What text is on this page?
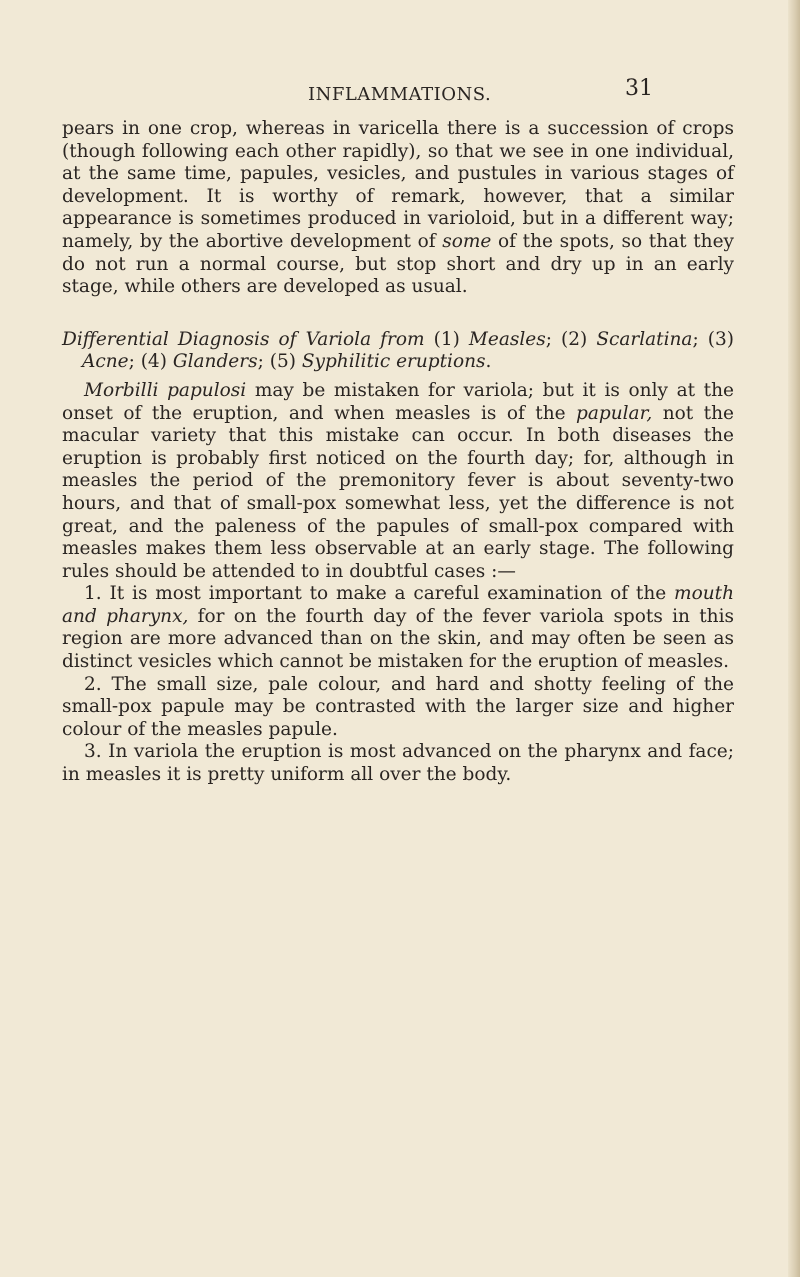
INFLAMMATIONS.	31

pears in one crop, whereas in varicella there is a succession of crops (though following each other rapidly), so that we see in one individual, at the same time, papules, vesicles, and pustules in various stages of development. It is worthy of remark, however, that a similar appearance is sometimes produced in varioloid, but in a different way; namely, by the abortive development of some of the spots, so that they do not run a normal course, but stop short and dry up in an early stage, while others are developed as usual.

Differential Diagnosis of Variola from (1) Measles; (2) Scarlatina; (3) Acne; (4) Glanders; (5) Syphilitic eruptions.

Morbilli papulosi may be mistaken for variola; but it is only at the onset of the eruption, and when measles is of the papular, not the macular variety that this mistake can occur. In both diseases the eruption is probably first noticed on the fourth day; for, although in measles the period of the premonitory fever is about seventy-two hours, and that of small-pox somewhat less, yet the difference is not great, and the paleness of the papules of small-pox compared with measles makes them less observable at an early stage. The following rules should be attended to in doubtful cases :—

1. It is most important to make a careful examination of the mouth and pharynx, for on the fourth day of the fever variola spots in this region are more advanced than on the skin, and may often be seen as distinct vesicles which cannot be mistaken for the eruption of measles.

2. The small size, pale colour, and hard and shotty feeling of the small-pox papule may be contrasted with the larger size and higher colour of the measles papule.

3. In variola the eruption is most advanced on the pharynx and face; in measles it is pretty uniform all over the body.
